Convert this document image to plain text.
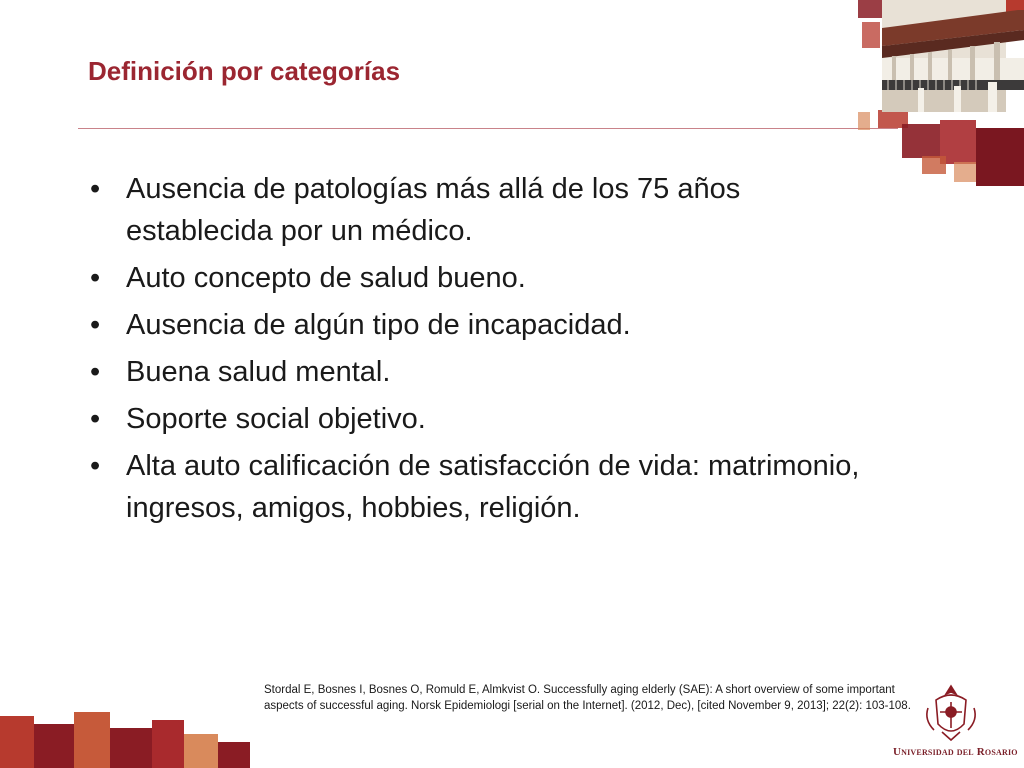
Definición por categorías
• Ausencia de patologías más allá de los 75 años establecida por un médico.
• Auto concepto de salud bueno.
• Ausencia de algún tipo de incapacidad.
• Buena salud mental.
• Soporte social objetivo.
• Alta auto calificación de satisfacción de vida: matrimonio, ingresos, amigos, hobbies, religión.
Stordal E, Bosnes I, Bosnes O, Romuld E, Almkvist O. Successfully aging elderly (SAE): A short overview of some important aspects of successful aging. Norsk Epidemiologi [serial on the Internet]. (2012, Dec), [cited November 9, 2013]; 22(2): 103-108.
Universidad del Rosario
